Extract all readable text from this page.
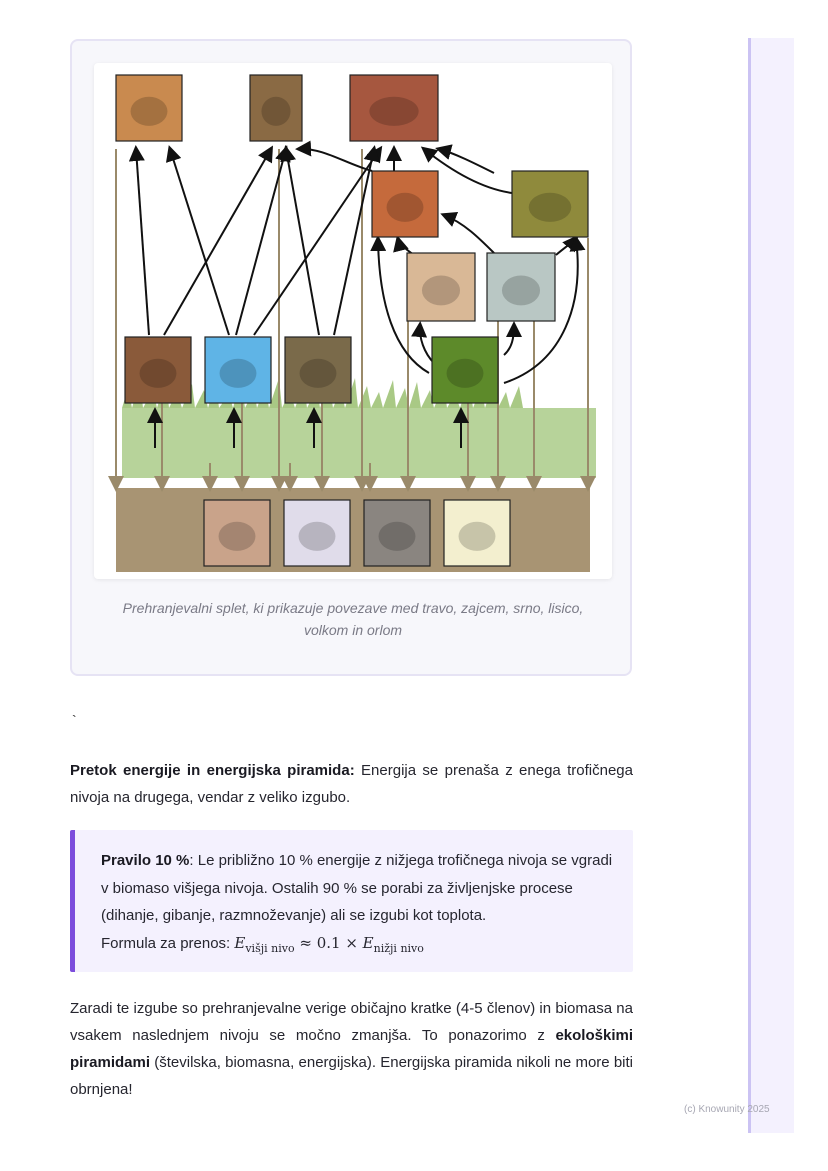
Prehranjevalni splet, ki prikazuje povezave med travo, zajcem, srno, lisico, volkom in orlom
`
Pretok energije in energijska piramida: Energija se prenaša z enega trofičnega nivoja na drugega, vendar z veliko izgubo.
Pravilo 10 %: Le približno 10 % energije z nižjega trofičnega nivoja se vgradi v biomaso višjega nivoja. Ostalih 90 % se porabi za življenjske procese (dihanje, gibanje, razmnoževanje) ali se izgubi kot toplota.
Formula za prenos: $E_{višji nivo} \approx 0.1 \times E_{nižji nivo}$
Zaradi te izgube so prehranjevalne verige običajno kratke (4-5 členov) in biomasa na vsakem naslednjem nivoju se močno zmanjša. To ponazorimo z ekološkimi piramidami (številska, biomasna, energijska). Energijska piramida nikoli ne more biti obrnjena!
(c) Knowunity 2025
